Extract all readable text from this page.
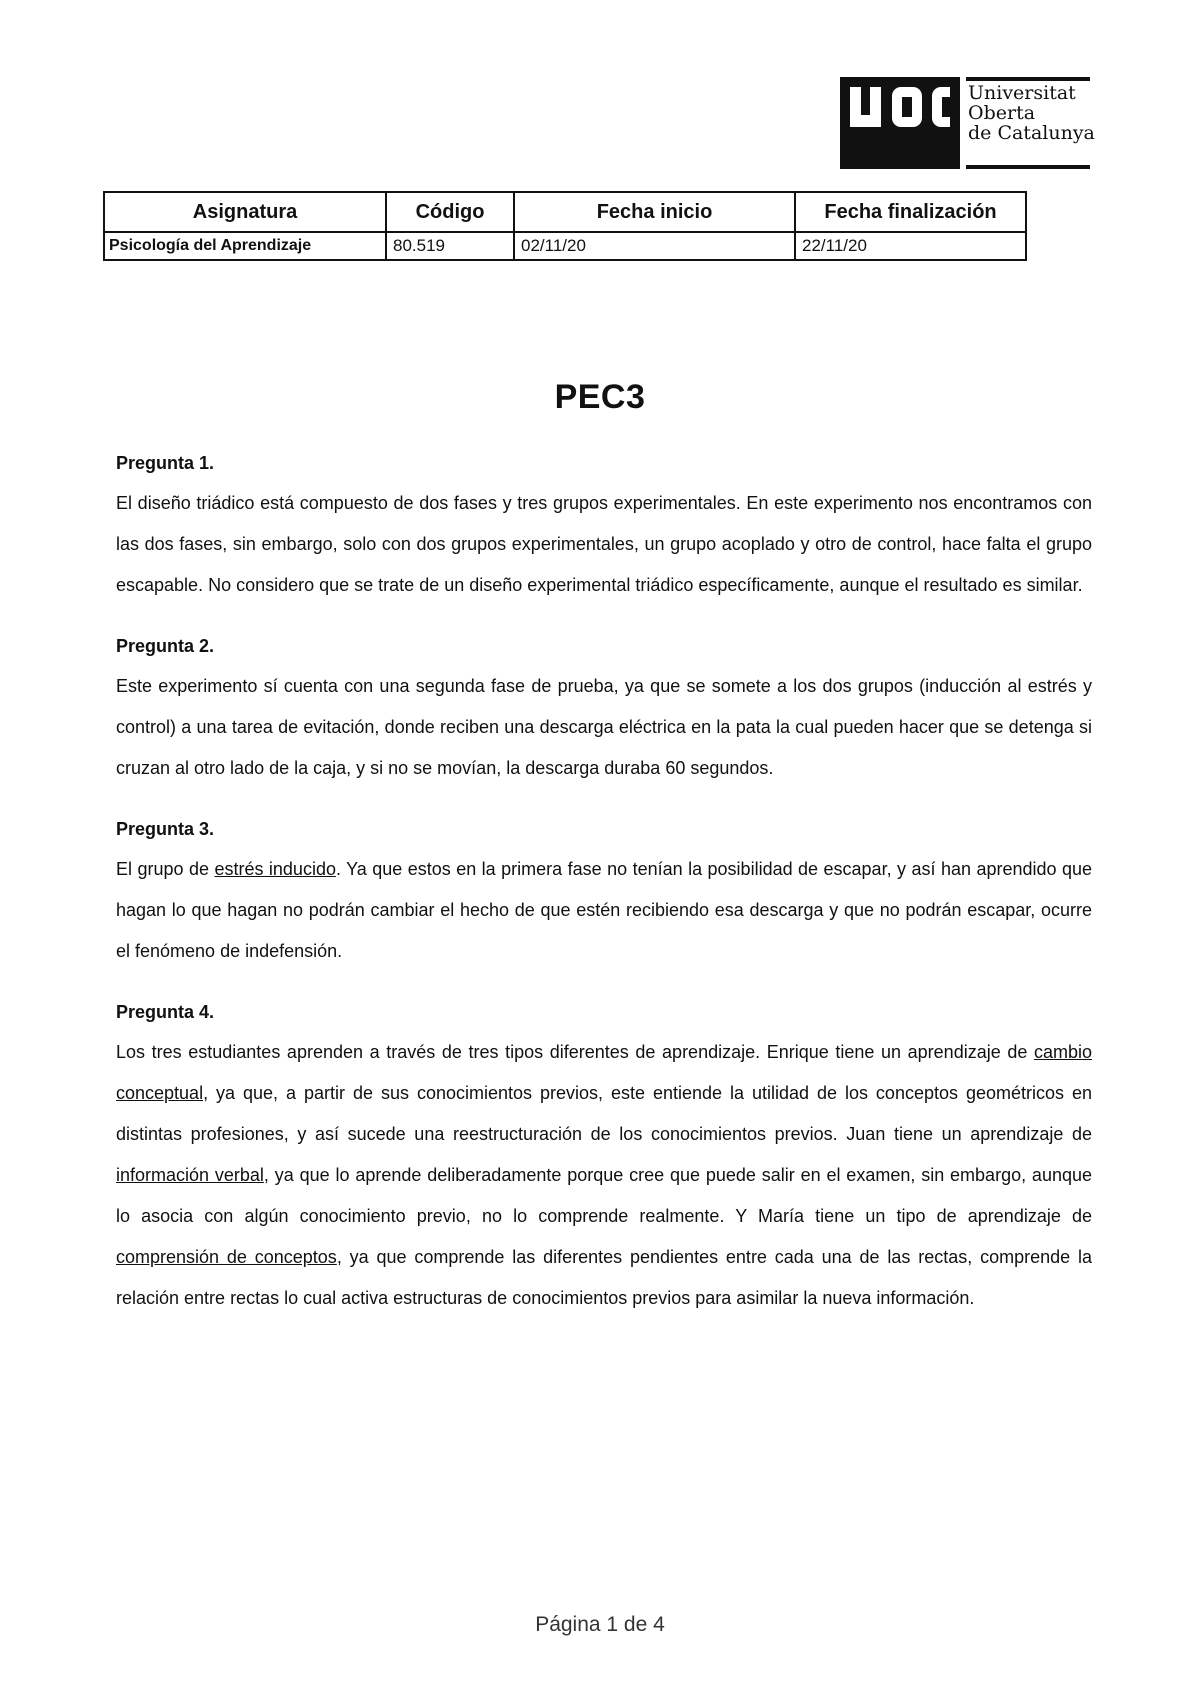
Universitat
Oberta
de Catalunya
Asignatura	Código	Fecha inicio	Fecha finalización
Psicología del Aprendizaje	80.519	02/11/20	22/11/20
PEC3
Pregunta 1.

El diseño triádico está compuesto de dos fases y tres grupos experimentales. En este experimento nos encontramos con las dos fases, sin embargo, solo con dos grupos experimentales, un grupo acoplado y otro de control, hace falta el grupo escapable. No considero que se trate de un diseño experimental triádico específicamente, aunque el resultado es similar.

Pregunta 2.

Este experimento sí cuenta con una segunda fase de prueba, ya que se somete a los dos grupos (inducción al estrés y control) a una tarea de evitación, donde reciben una descarga eléctrica en la pata la cual pueden hacer que se detenga si cruzan al otro lado de la caja, y si no se movían, la descarga duraba 60 segundos.

Pregunta 3.

El grupo de estrés inducido. Ya que estos en la primera fase no tenían la posibilidad de escapar, y así han aprendido que hagan lo que hagan no podrán cambiar el hecho de que estén recibiendo esa descarga y que no podrán escapar, ocurre el fenómeno de indefensión.

Pregunta 4.

Los tres estudiantes aprenden a través de tres tipos diferentes de aprendizaje. Enrique tiene un aprendizaje de cambio conceptual, ya que, a partir de sus conocimientos previos, este entiende la utilidad de los conceptos geométricos en distintas profesiones, y así sucede una reestructuración de los conocimientos previos. Juan tiene un aprendizaje de información verbal, ya que lo aprende deliberadamente porque cree que puede salir en el examen, sin embargo, aunque lo asocia con algún conocimiento previo, no lo comprende realmente. Y María tiene un tipo de aprendizaje de comprensión de conceptos, ya que comprende las diferentes pendientes entre cada una de las rectas, comprende la relación entre rectas lo cual activa estructuras de conocimientos previos para asimilar la nueva información.

Página 1 de 4
